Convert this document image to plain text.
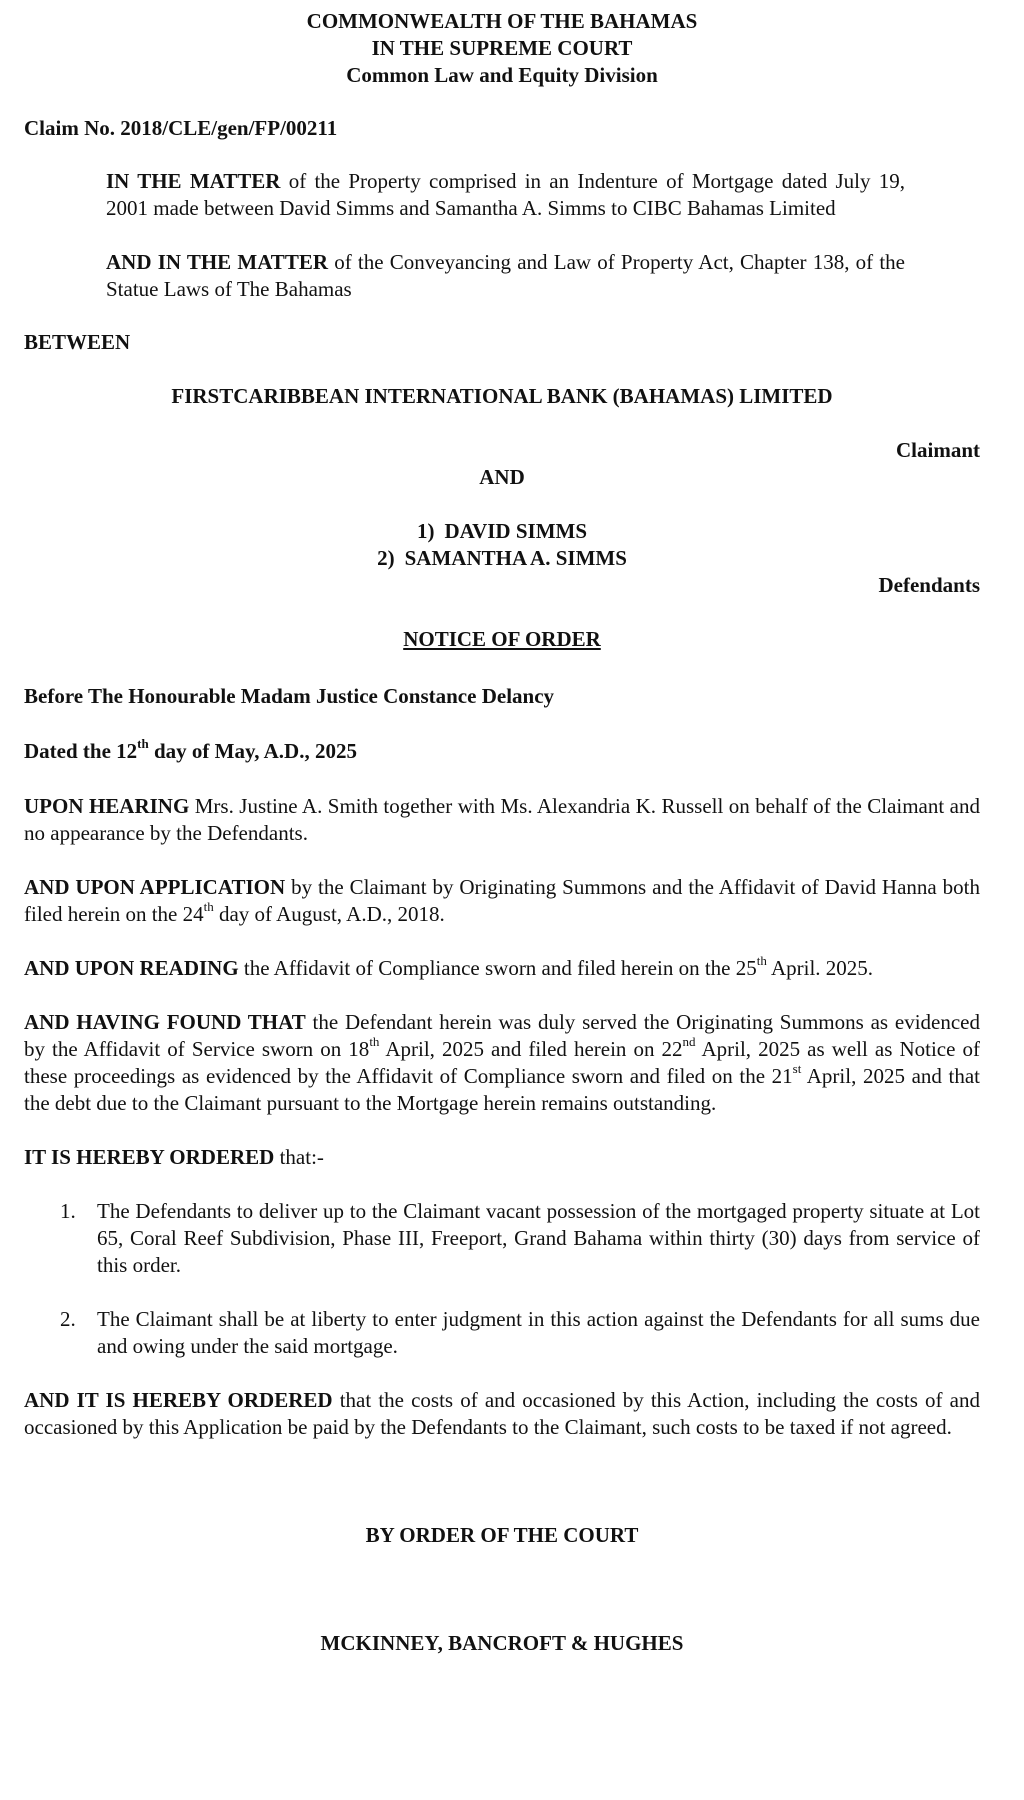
COMMONWEALTH OF THE BAHAMAS
IN THE SUPREME COURT
Common Law and Equity Division
Claim No. 2018/CLE/gen/FP/00211
IN THE MATTER of the Property comprised in an Indenture of Mortgage dated July 19, 2001 made between David Simms and Samantha A. Simms to CIBC Bahamas Limited
AND IN THE MATTER of the Conveyancing and Law of Property Act, Chapter 138, of the Statue Laws of The Bahamas
BETWEEN
FIRSTCARIBBEAN INTERNATIONAL BANK (BAHAMAS) LIMITED
Claimant
AND
1) DAVID SIMMS
2) SAMANTHA A. SIMMS
Defendants
NOTICE OF ORDER
Before The Honourable Madam Justice Constance Delancy
Dated the 12th day of May, A.D., 2025
UPON HEARING Mrs. Justine A. Smith together with Ms. Alexandria K. Russell on behalf of the Claimant and no appearance by the Defendants.
AND UPON APPLICATION by the Claimant by Originating Summons and the Affidavit of David Hanna both filed herein on the 24th day of August, A.D., 2018.
AND UPON READING the Affidavit of Compliance sworn and filed herein on the 25th April. 2025.
AND HAVING FOUND THAT the Defendant herein was duly served the Originating Summons as evidenced by the Affidavit of Service sworn on 18th April, 2025 and filed herein on 22nd April, 2025 as well as Notice of these proceedings as evidenced by the Affidavit of Compliance sworn and filed on the 21st April, 2025 and that the debt due to the Claimant pursuant to the Mortgage herein remains outstanding.
IT IS HEREBY ORDERED that:-
1. The Defendants to deliver up to the Claimant vacant possession of the mortgaged property situate at Lot 65, Coral Reef Subdivision, Phase III, Freeport, Grand Bahama within thirty (30) days from service of this order.
2. The Claimant shall be at liberty to enter judgment in this action against the Defendants for all sums due and owing under the said mortgage.
AND IT IS HEREBY ORDERED that the costs of and occasioned by this Action, including the costs of and occasioned by this Application be paid by the Defendants to the Claimant, such costs to be taxed if not agreed.
BY ORDER OF THE COURT
MCKINNEY, BANCROFT & HUGHES
